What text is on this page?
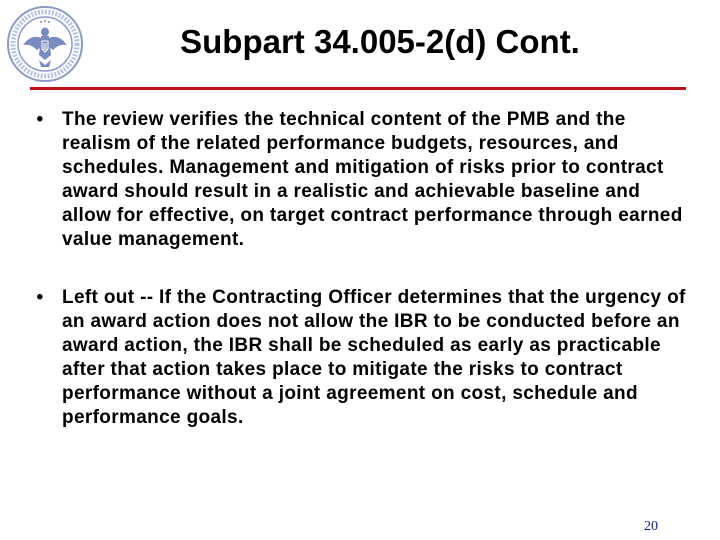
Subpart 34.005-2(d) Cont.
• The review verifies the technical content of the PMB and the realism of the related performance budgets, resources, and schedules. Management and mitigation of risks prior to contract award should result in a realistic and achievable baseline and allow for effective, on target contract performance through earned value management.
• Left out -- If the Contracting Officer determines that the urgency of an award action does not allow the IBR to be conducted before an award action, the IBR shall be scheduled as early as practicable after that action takes place to mitigate the risks to contract performance without a joint agreement on cost, schedule and performance goals.
20
